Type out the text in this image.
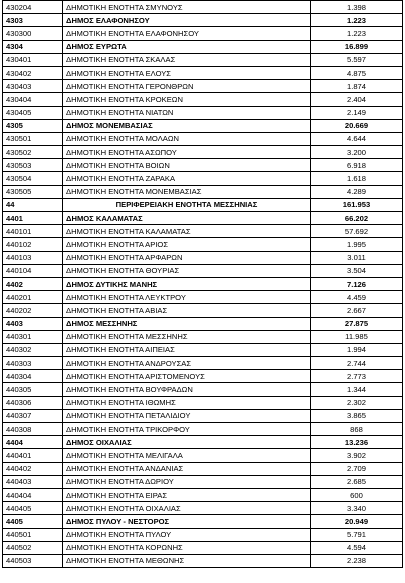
430204	ΔΗΜΟΤΙΚΗ ΕΝΟΤΗΤΑ ΣΜΥΝΟΥΣ	1.398
4303	ΔΗΜΟΣ ΕΛΑΦΟΝΗΣΟΥ	1.223
430300	ΔΗΜΟΤΙΚΗ ΕΝΟΤΗΤΑ ΕΛΑΦΟΝΗΣΟΥ	1.223
4304	ΔΗΜΟΣ ΕΥΡΩΤΑ	16.899
430401	ΔΗΜΟΤΙΚΗ ΕΝΟΤΗΤΑ ΣΚΑΛΑΣ	5.597
430402	ΔΗΜΟΤΙΚΗ ΕΝΟΤΗΤΑ ΕΛΟΥΣ	4.875
430403	ΔΗΜΟΤΙΚΗ ΕΝΟΤΗΤΑ ΓΕΡΟΝΘΡΩΝ	1.874
430404	ΔΗΜΟΤΙΚΗ ΕΝΟΤΗΤΑ ΚΡΟΚΕΩΝ	2.404
430405	ΔΗΜΟΤΙΚΗ ΕΝΟΤΗΤΑ ΝΙΑΤΩΝ	2.149
4305	ΔΗΜΟΣ ΜΟΝΕΜΒΑΣΙΑΣ	20.669
430501	ΔΗΜΟΤΙΚΗ ΕΝΟΤΗΤΑ ΜΟΛΑΩΝ	4.644
430502	ΔΗΜΟΤΙΚΗ ΕΝΟΤΗΤΑ ΑΣΩΠΟΥ	3.200
430503	ΔΗΜΟΤΙΚΗ ΕΝΟΤΗΤΑ ΒΟΙΩΝ	6.918
430504	ΔΗΜΟΤΙΚΗ ΕΝΟΤΗΤΑ ΖΑΡΑΚΑ	1.618
430505	ΔΗΜΟΤΙΚΗ ΕΝΟΤΗΤΑ ΜΟΝΕΜΒΑΣΙΑΣ	4.289
44	ΠΕΡΙΦΕΡΕΙΑΚΗ ΕΝΟΤΗΤΑ ΜΕΣΣΗΝΙΑΣ	161.953
4401	ΔΗΜΟΣ ΚΑΛΑΜΑΤΑΣ	66.202
440101	ΔΗΜΟΤΙΚΗ ΕΝΟΤΗΤΑ ΚΑΛΑΜΑΤΑΣ	57.692
440102	ΔΗΜΟΤΙΚΗ ΕΝΟΤΗΤΑ ΑΡΙΟΣ	1.995
440103	ΔΗΜΟΤΙΚΗ ΕΝΟΤΗΤΑ ΑΡΦΑΡΩΝ	3.011
440104	ΔΗΜΟΤΙΚΗ ΕΝΟΤΗΤΑ ΘΟΥΡΙΑΣ	3.504
4402	ΔΗΜΟΣ ΔΥΤΙΚΗΣ ΜΑΝΗΣ	7.126
440201	ΔΗΜΟΤΙΚΗ ΕΝΟΤΗΤΑ ΛΕΥΚΤΡΟΥ	4.459
440202	ΔΗΜΟΤΙΚΗ ΕΝΟΤΗΤΑ ΑΒΙΑΣ	2.667
4403	ΔΗΜΟΣ ΜΕΣΣΗΝΗΣ	27.875
440301	ΔΗΜΟΤΙΚΗ ΕΝΟΤΗΤΑ ΜΕΣΣΗΝΗΣ	11.985
440302	ΔΗΜΟΤΙΚΗ ΕΝΟΤΗΤΑ ΑΙΠΕΙΑΣ	1.994
440303	ΔΗΜΟΤΙΚΗ ΕΝΟΤΗΤΑ ΑΝΔΡΟΥΣΑΣ	2.744
440304	ΔΗΜΟΤΙΚΗ ΕΝΟΤΗΤΑ ΑΡΙΣΤΟΜΕΝΟΥΣ	2.773
440305	ΔΗΜΟΤΙΚΗ ΕΝΟΤΗΤΑ ΒΟΥΦΡΑΔΩΝ	1.344
440306	ΔΗΜΟΤΙΚΗ ΕΝΟΤΗΤΑ ΙΘΩΜΗΣ	2.302
440307	ΔΗΜΟΤΙΚΗ ΕΝΟΤΗΤΑ ΠΕΤΑΛΙΔΙΟΥ	3.865
440308	ΔΗΜΟΤΙΚΗ ΕΝΟΤΗΤΑ ΤΡΙΚΟΡΦΟΥ	868
4404	ΔΗΜΟΣ ΟΙΧΑΛΙΑΣ	13.236
440401	ΔΗΜΟΤΙΚΗ ΕΝΟΤΗΤΑ ΜΕΛΙΓΑΛΑ	3.902
440402	ΔΗΜΟΤΙΚΗ ΕΝΟΤΗΤΑ ΑΝΔΑΝΙΑΣ	2.709
440403	ΔΗΜΟΤΙΚΗ ΕΝΟΤΗΤΑ ΔΩΡΙΟΥ	2.685
440404	ΔΗΜΟΤΙΚΗ ΕΝΟΤΗΤΑ ΕΙΡΑΣ	600
440405	ΔΗΜΟΤΙΚΗ ΕΝΟΤΗΤΑ ΟΙΧΑΛΙΑΣ	3.340
4405	ΔΗΜΟΣ ΠΥΛΟΥ - ΝΕΣΤΟΡΟΣ	20.949
440501	ΔΗΜΟΤΙΚΗ ΕΝΟΤΗΤΑ ΠΥΛΟΥ	5.791
440502	ΔΗΜΟΤΙΚΗ ΕΝΟΤΗΤΑ ΚΟΡΩΝΗΣ	4.594
440503	ΔΗΜΟΤΙΚΗ ΕΝΟΤΗΤΑ ΜΕΘΩΝΗΣ	2.238
